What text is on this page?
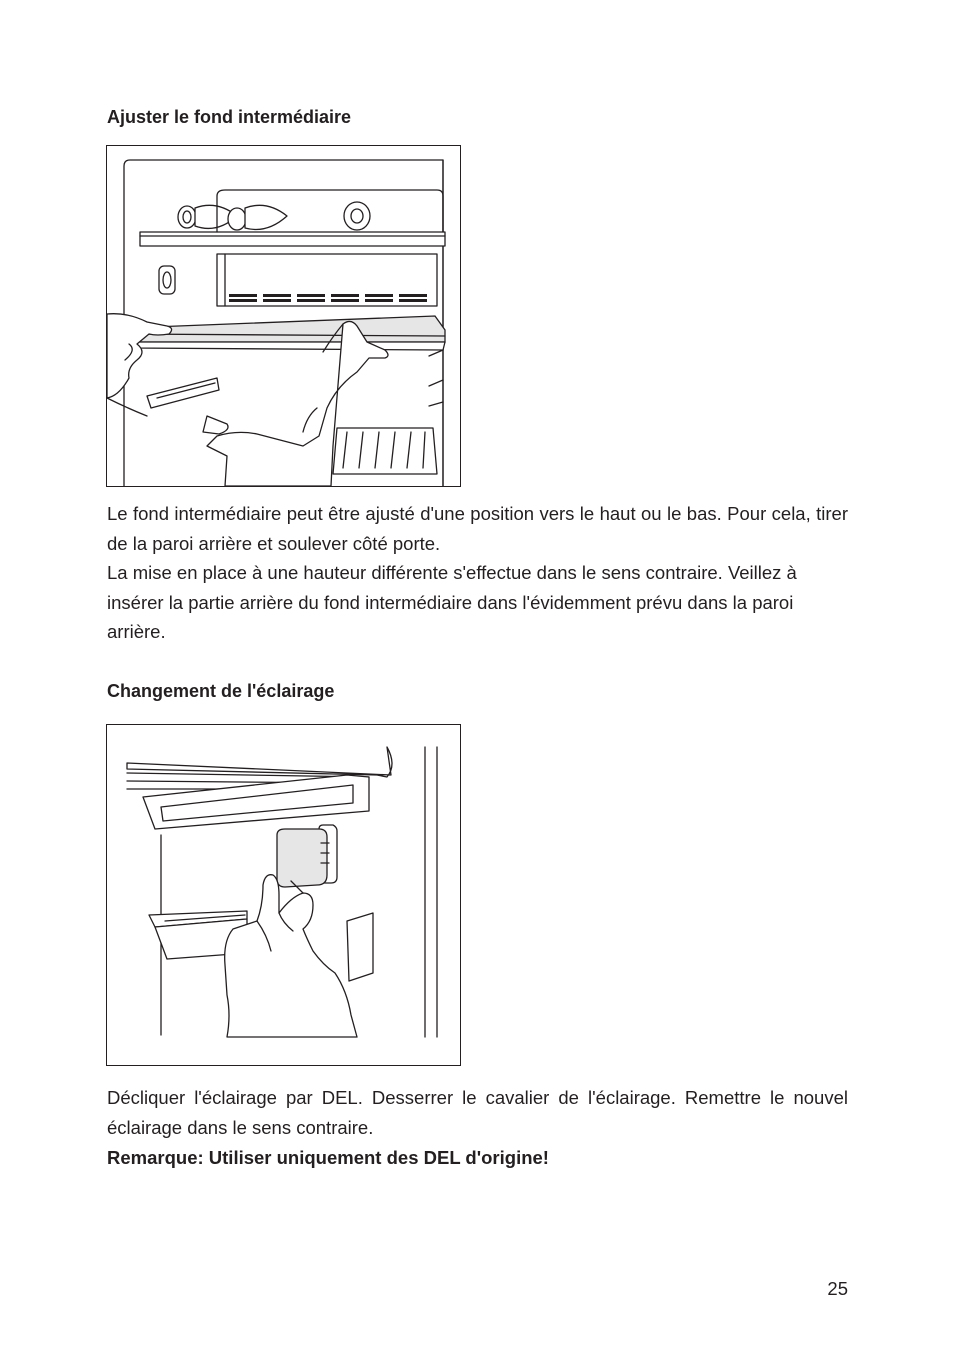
Ajuster le fond intermédiaire

Le fond intermédiaire peut être ajusté d'une position vers le haut ou le bas. Pour cela, tirer de la paroi arrière et soulever côté porte.

La mise en place à une hauteur différente s'effectue dans le sens contraire. Veillez à insérer la partie arrière du fond intermédiaire dans l'évidemment prévu dans la paroi arrière.

Changement de l'éclairage

Décliquer l'éclairage par DEL. Desserrer le cavalier de l'éclairage. Remettre le nouvel éclairage dans le sens contraire.

Remarque: Utiliser uniquement des DEL d'origine!

25
